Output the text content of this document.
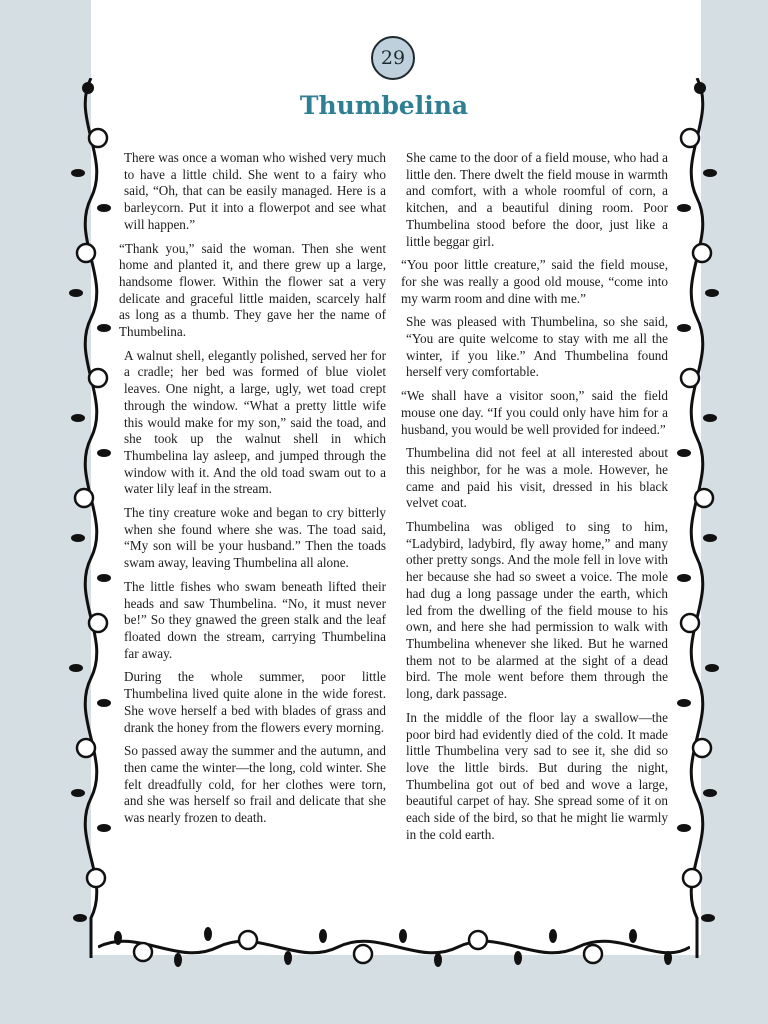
29
Thumbelina

There was once a woman who wished very much to have a little child. She went to a fairy who said, “Oh, that can be easily managed. Here is a barleycorn. Put it into a flowerpot and see what will happen.”

“Thank you,” said the woman. Then she went home and planted it, and there grew up a large, handsome flower. Within the flower sat a very delicate and graceful little maiden, scarcely half as long as a thumb. They gave her the name of Thumbelina.

A walnut shell, elegantly polished, served her for a cradle; her bed was formed of blue violet leaves. One night, a large, ugly, wet toad crept through the window. “What a pretty little wife this would make for my son,” said the toad, and she took up the walnut shell in which Thumbelina lay asleep, and jumped through the window with it. And the old toad swam out to a water lily leaf in the stream.

The tiny creature woke and began to cry bitterly when she found where she was. The toad said, “My son will be your husband.” Then the toads swam away, leaving Thumbelina all alone.

The little fishes who swam beneath lifted their heads and saw Thumbelina. “No, it must never be!” So they gnawed the green stalk and the leaf floated down the stream, carrying Thumbelina far away.

During the whole summer, poor little Thumbelina lived quite alone in the wide forest. She wove herself a bed with blades of grass and drank the honey from the flowers every morning.

So passed away the summer and the autumn, and then came the winter—the long, cold winter. She felt dreadfully cold, for her clothes were torn, and she was herself so frail and delicate that she was nearly frozen to death.

She came to the door of a field mouse, who had a little den. There dwelt the field mouse in warmth and comfort, with a whole roomful of corn, a kitchen, and a beautiful dining room. Poor Thumbelina stood before the door, just like a little beggar girl.

“You poor little creature,” said the field mouse, for she was really a good old mouse, “come into my warm room and dine with me.”

She was pleased with Thumbelina, so she said, “You are quite welcome to stay with me all the winter, if you like.” And Thumbelina found herself very comfortable.

“We shall have a visitor soon,” said the field mouse one day. “If you could only have him for a husband, you would be well provided for indeed.”

Thumbelina did not feel at all interested about this neighbor, for he was a mole. However, he came and paid his visit, dressed in his black velvet coat.

Thumbelina was obliged to sing to him, “Ladybird, ladybird, fly away home,” and many other pretty songs. And the mole fell in love with her because she had so sweet a voice. The mole had dug a long passage under the earth, which led from the dwelling of the field mouse to his own, and here she had permission to walk with Thumbelina whenever she liked. But he warned them not to be alarmed at the sight of a dead bird. The mole went before them through the long, dark passage.

In the middle of the floor lay a swallow—the poor bird had evidently died of the cold. It made little Thumbelina very sad to see it, she did so love the little birds. But during the night, Thumbelina got out of bed and wove a large, beautiful carpet of hay. She spread some of it on each side of the bird, so that he might lie warmly in the cold earth.
